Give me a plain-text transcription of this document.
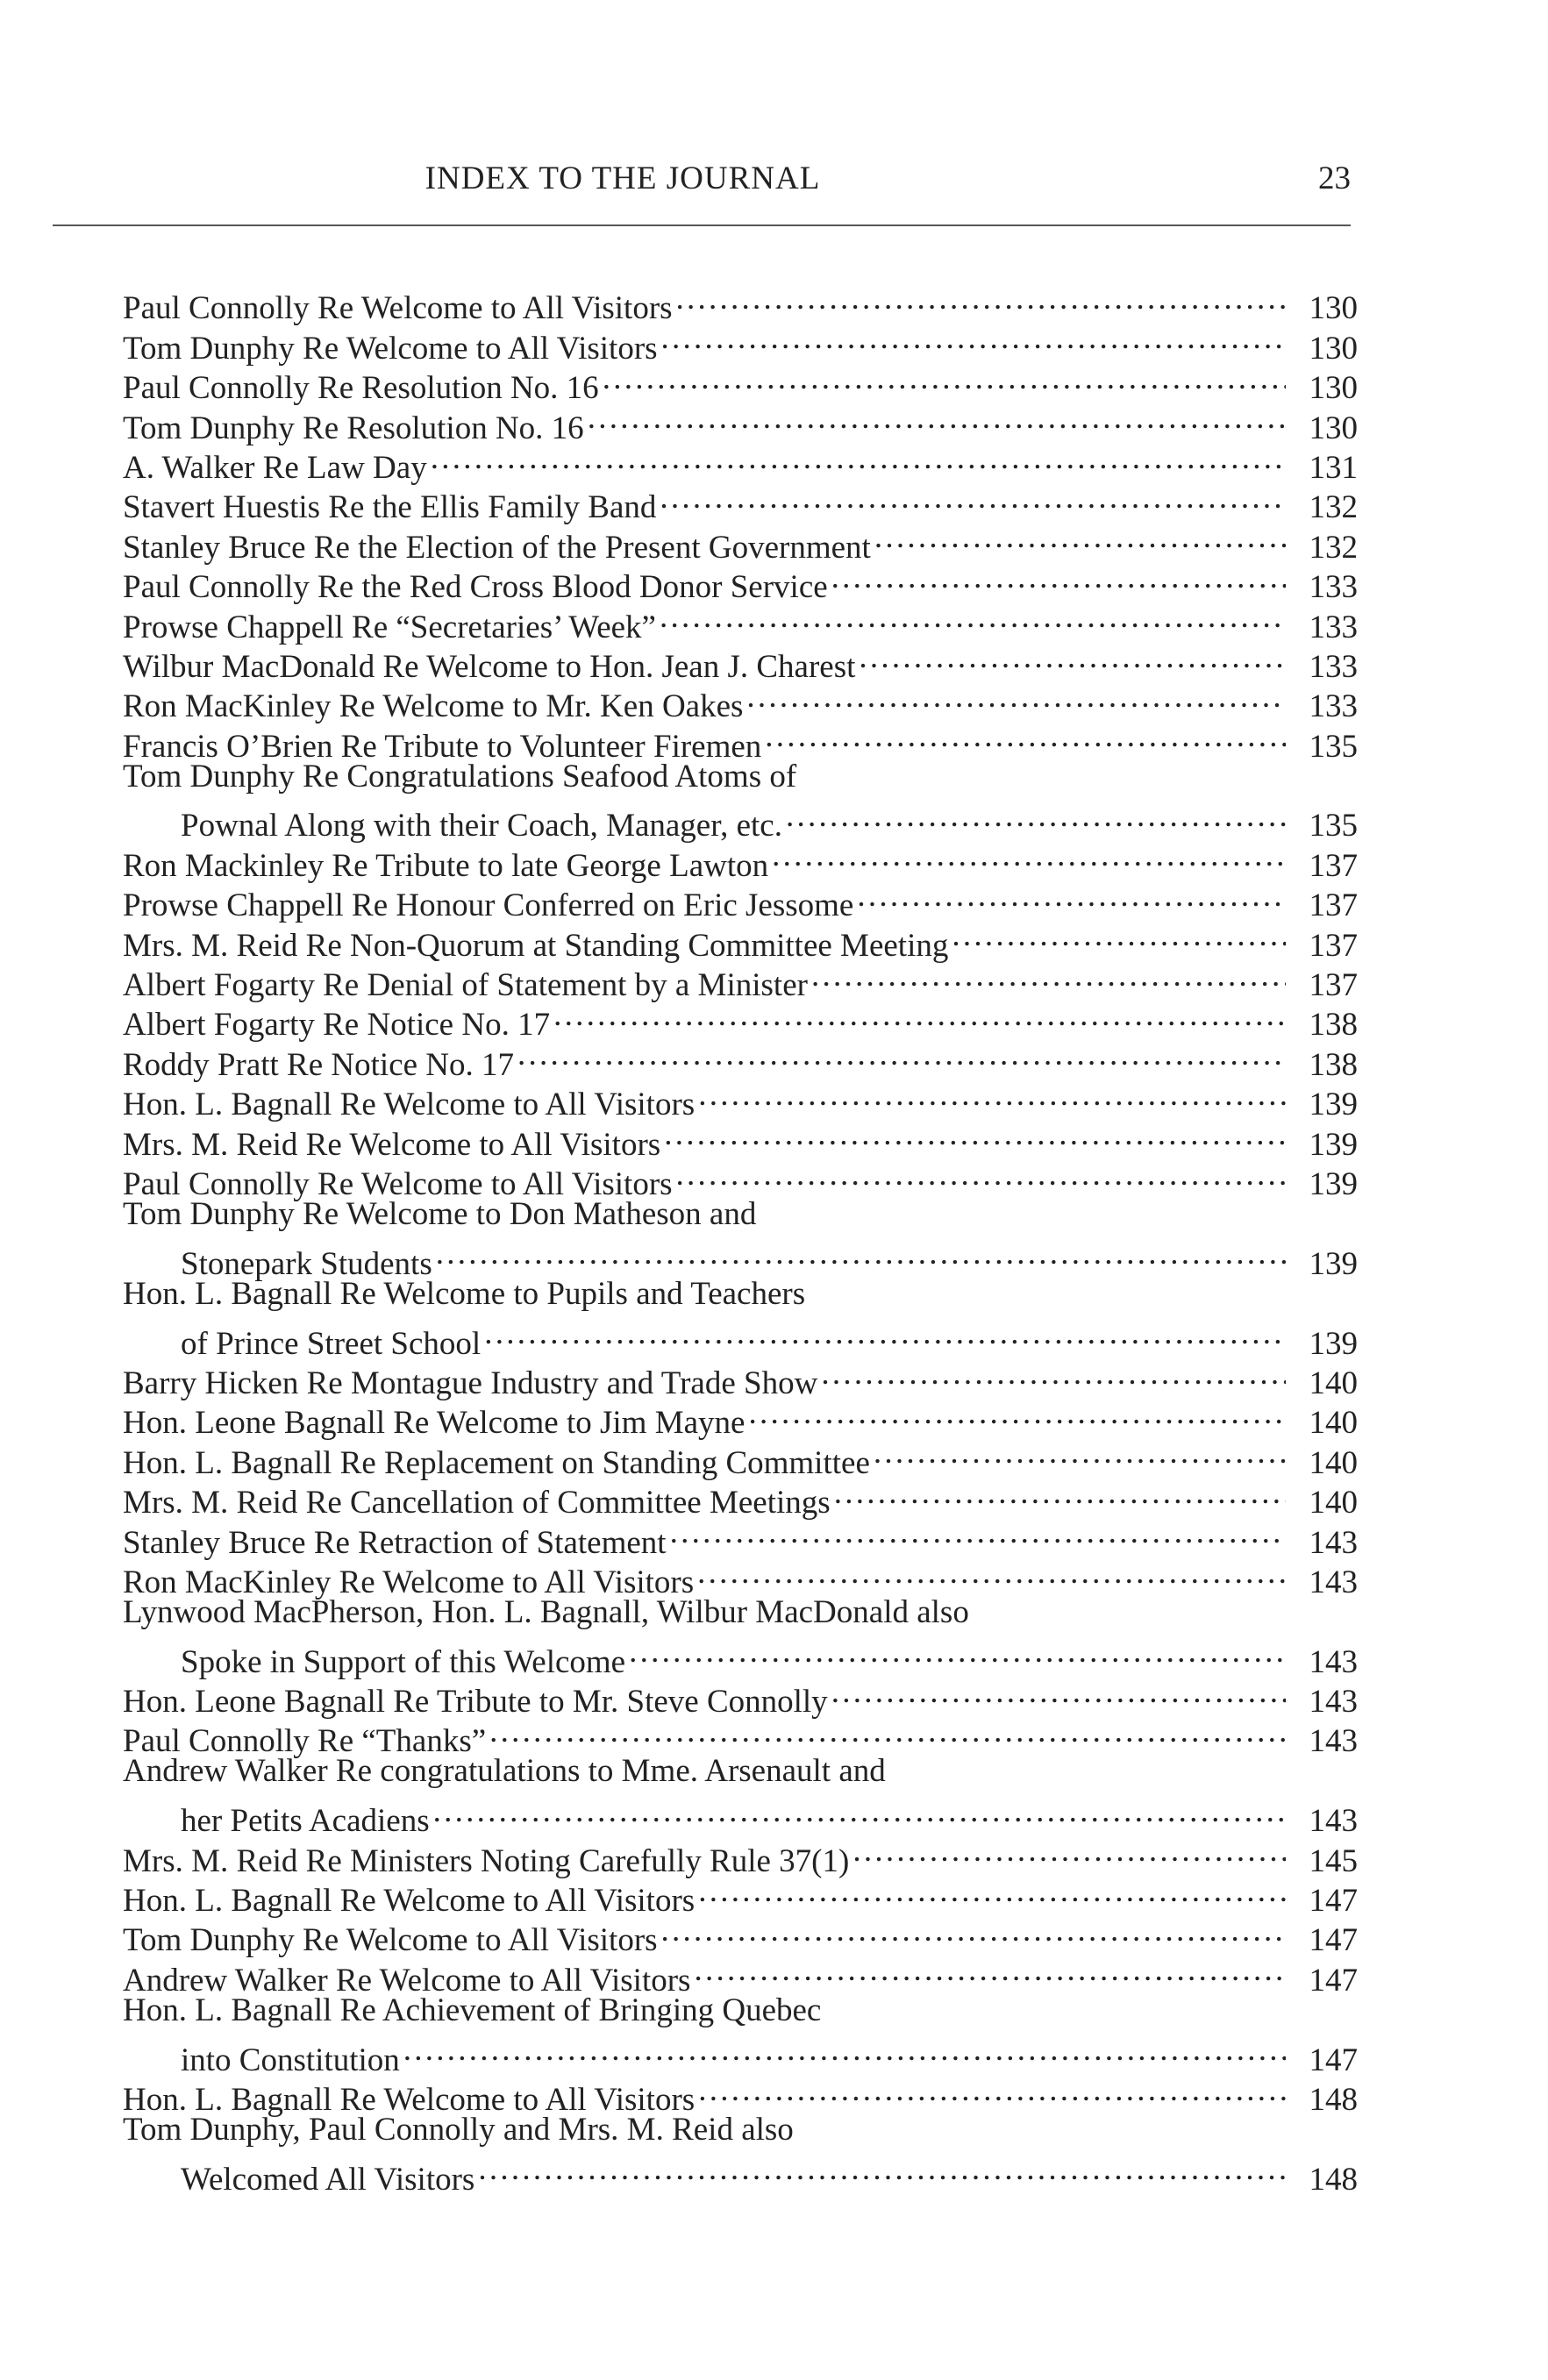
INDEX TO THE JOURNAL	23
Paul Connolly Re Welcome to All Visitors . . .	130
Tom Dunphy Re Welcome to All Visitors . . .	130
Paul Connolly Re Resolution No. 16 . . .	130
Tom Dunphy Re Resolution No. 16 . . .	130
A. Walker Re Law Day . . .	131
Stavert Huestis Re the Ellis Family Band . . .	132
Stanley Bruce Re the Election of the Present Government . . .	132
Paul Connolly Re the Red Cross Blood Donor Service . . .	133
Prowse Chappell Re “Secretaries’ Week” . . .	133
Wilbur MacDonald Re Welcome to Hon. Jean J. Charest . . .	133
Ron MacKinley Re Welcome to Mr. Ken Oakes . . .	133
Francis O’Brien Re Tribute to Volunteer Firemen . . .	135
Tom Dunphy Re Congratulations Seafood Atoms of
Pownal Along with their Coach, Manager, etc. . . .	135
Ron Mackinley Re Tribute to late George Lawton . . .	137
Prowse Chappell Re Honour Conferred on Eric Jessome . . .	137
Mrs. M. Reid Re Non-Quorum at Standing Committee Meeting . . .	137
Albert Fogarty Re Denial of Statement by a Minister . . .	137
Albert Fogarty Re Notice No. 17 . . .	138
Roddy Pratt Re Notice No. 17 . . .	138
Hon. L. Bagnall Re Welcome to All Visitors . . .	139
Mrs. M. Reid Re Welcome to All Visitors . . .	139
Paul Connolly Re Welcome to All Visitors . . .	139
Tom Dunphy Re Welcome to Don Matheson and
Stonepark Students . . .	139
Hon. L. Bagnall Re Welcome to Pupils and Teachers
of Prince Street School . . .	139
Barry Hicken Re Montague Industry and Trade Show . . .	140
Hon. Leone Bagnall Re Welcome to Jim Mayne . . .	140
Hon. L. Bagnall Re Replacement on Standing Committee . . .	140
Mrs. M. Reid Re Cancellation of Committee Meetings . . .	140
Stanley Bruce Re Retraction of Statement . . .	143
Ron MacKinley Re Welcome to All Visitors . . .	143
Lynwood MacPherson, Hon. L. Bagnall, Wilbur MacDonald also
Spoke in Support of this Welcome . . .	143
Hon. Leone Bagnall Re Tribute to Mr. Steve Connolly . . .	143
Paul Connolly Re “Thanks” . . .	143
Andrew Walker Re congratulations to Mme. Arsenault and
her Petits Acadiens . . .	143
Mrs. M. Reid Re Ministers Noting Carefully Rule 37(1) . . .	145
Hon. L. Bagnall Re Welcome to All Visitors . . .	147
Tom Dunphy Re Welcome to All Visitors . . .	147
Andrew Walker Re Welcome to All Visitors . . .	147
Hon. L. Bagnall Re Achievement of Bringing Quebec
into Constitution . . .	147
Hon. L. Bagnall Re Welcome to All Visitors . . .	148
Tom Dunphy, Paul Connolly and Mrs. M. Reid also
Welcomed All Visitors . . .	148
